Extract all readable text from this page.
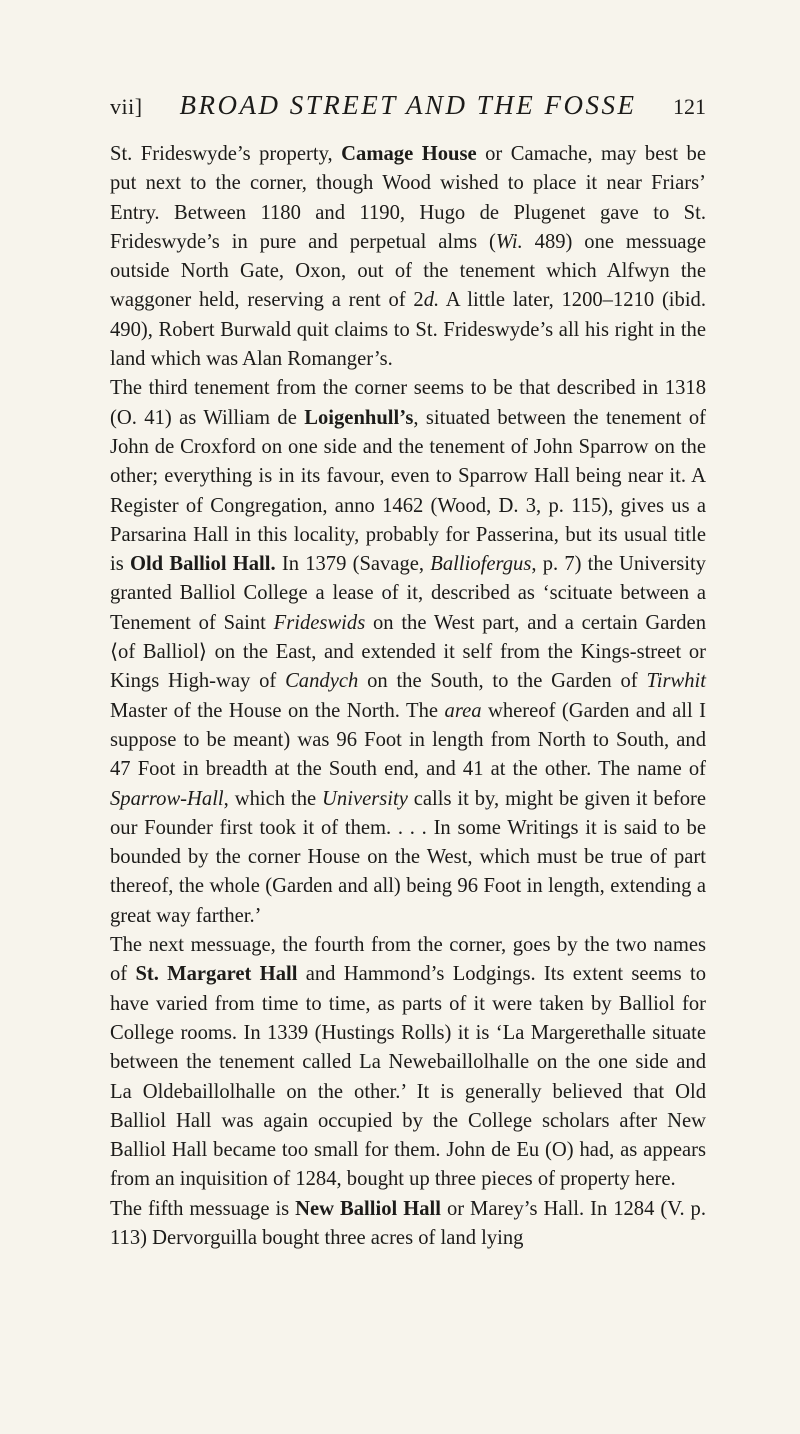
vii]	BROAD STREET AND THE FOSSE	121

St. Frideswyde’s property, Camage House or Camache, may best be put next to the corner, though Wood wished to place it near Friars’ Entry. Between 1180 and 1190, Hugo de Plugenet gave to St. Frideswyde’s in pure and perpetual alms (Wi. 489) one messuage outside North Gate, Oxon, out of the tenement which Alfwyn the waggoner held, reserving a rent of 2d. A little later, 1200–1210 (ibid. 490), Robert Burwald quit claims to St. Frideswyde’s all his right in the land which was Alan Romanger’s.

The third tenement from the corner seems to be that described in 1318 (O. 41) as William de Loigenhull’s, situated between the tenement of John de Croxford on one side and the tenement of John Sparrow on the other; everything is in its favour, even to Sparrow Hall being near it. A Register of Congregation, anno 1462 (Wood, D. 3, p. 115), gives us a Parsarina Hall in this locality, probably for Passerina, but its usual title is Old Balliol Hall. In 1379 (Savage, Balliofergus, p. 7) the University granted Balliol College a lease of it, described as ‘scituate between a Tenement of Saint Frideswids on the West part, and a certain Garden ⟨of Balliol⟩ on the East, and extended it self from the Kings-street or Kings High-way of Candych on the South, to the Garden of Tirwhit Master of the House on the North. The area whereof (Garden and all I suppose to be meant) was 96 Foot in length from North to South, and 47 Foot in breadth at the South end, and 41 at the other. The name of Sparrow-Hall, which the University calls it by, might be given it before our Founder first took it of them. . . . In some Writings it is said to be bounded by the corner House on the West, which must be true of part thereof, the whole (Garden and all) being 96 Foot in length, extending a great way farther.’

The next messuage, the fourth from the corner, goes by the two names of St. Margaret Hall and Hammond’s Lodgings. Its extent seems to have varied from time to time, as parts of it were taken by Balliol for College rooms. In 1339 (Hustings Rolls) it is ‘La Margerethalle situate between the tenement called La Newebaillolhalle on the one side and La Oldebaillolhalle on the other.’ It is generally believed that Old Balliol Hall was again occupied by the College scholars after New Balliol Hall became too small for them. John de Eu (O) had, as appears from an inquisition of 1284, bought up three pieces of property here.

The fifth messuage is New Balliol Hall or Marey’s Hall. In 1284 (V. p. 113) Dervorguilla bought three acres of land lying
